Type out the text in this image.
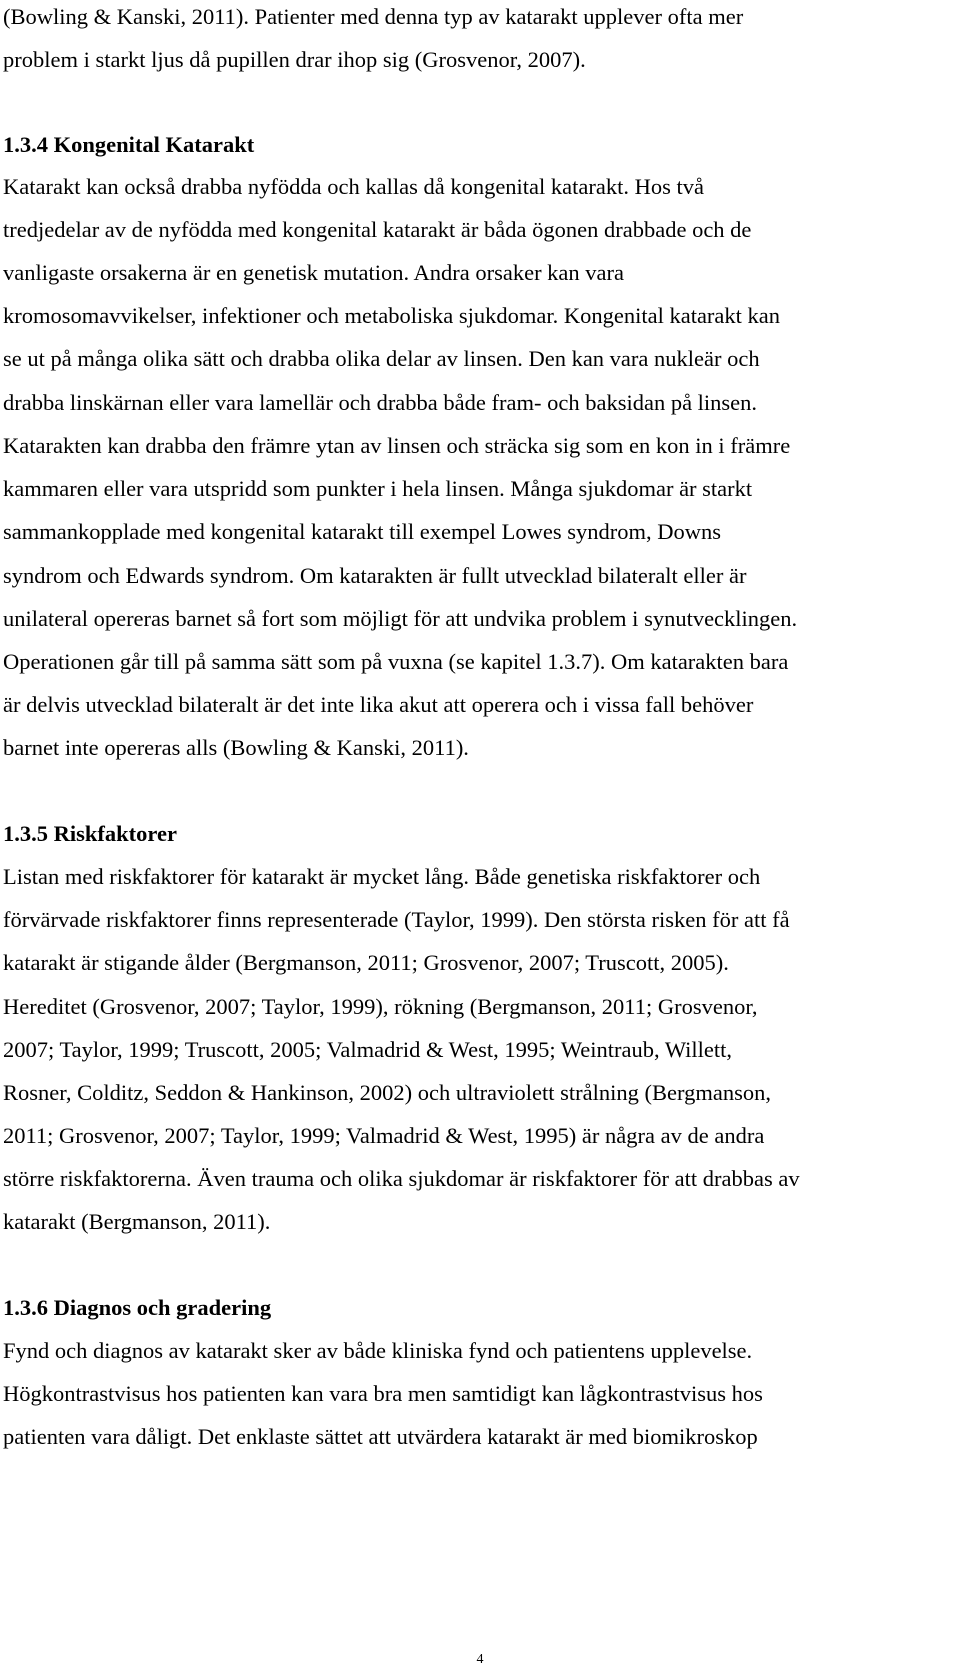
(Bowling & Kanski, 2011). Patienter med denna typ av katarakt upplever ofta mer
problem i starkt ljus då pupillen drar ihop sig (Grosvenor, 2007).
1.3.4 Kongenital Katarakt
Katarakt kan också drabba nyfödda och kallas då kongenital katarakt. Hos två
tredjedelar av de nyfödda med kongenital katarakt är båda ögonen drabbade och de
vanligaste orsakerna är en genetisk mutation. Andra orsaker kan vara
kromosomavvikelser, infektioner och metaboliska sjukdomar. Kongenital katarakt kan
se ut på många olika sätt och drabba olika delar av linsen. Den kan vara nukleär och
drabba linskärnan eller vara lamellär och drabba både fram- och baksidan på linsen.
Katarakten kan drabba den främre ytan av linsen och sträcka sig som en kon in i främre
kammaren eller vara utspridd som punkter i hela linsen. Många sjukdomar är starkt
sammankopplade med kongenital katarakt till exempel Lowes syndrom, Downs
syndrom och Edwards syndrom. Om katarakten är fullt utvecklad bilateralt eller är
unilateral opereras barnet så fort som möjligt för att undvika problem i synutvecklingen.
Operationen går till på samma sätt som på vuxna (se kapitel 1.3.7). Om katarakten bara
är delvis utvecklad bilateralt är det inte lika akut att operera och i vissa fall behöver
barnet inte opereras alls (Bowling & Kanski, 2011).
1.3.5 Riskfaktorer
Listan med riskfaktorer för katarakt är mycket lång. Både genetiska riskfaktorer och
förvärvade riskfaktorer finns representerade (Taylor, 1999). Den största risken för att få
katarakt är stigande ålder (Bergmanson, 2011; Grosvenor, 2007; Truscott, 2005).
Hereditet (Grosvenor, 2007; Taylor, 1999), rökning (Bergmanson, 2011; Grosvenor,
2007; Taylor, 1999; Truscott, 2005; Valmadrid & West, 1995; Weintraub, Willett,
Rosner, Colditz, Seddon & Hankinson, 2002) och ultraviolett strålning (Bergmanson,
2011; Grosvenor, 2007; Taylor, 1999; Valmadrid & West, 1995) är några av de andra
större riskfaktorerna. Även trauma och olika sjukdomar är riskfaktorer för att drabbas av
katarakt (Bergmanson, 2011).
1.3.6 Diagnos och gradering
Fynd och diagnos av katarakt sker av både kliniska fynd och patientens upplevelse.
Högkontrastvisus hos patienten kan vara bra men samtidigt kan lågkontrastvisus hos
patienten vara dåligt. Det enklaste sättet att utvärdera katarakt är med biomikroskop
4
